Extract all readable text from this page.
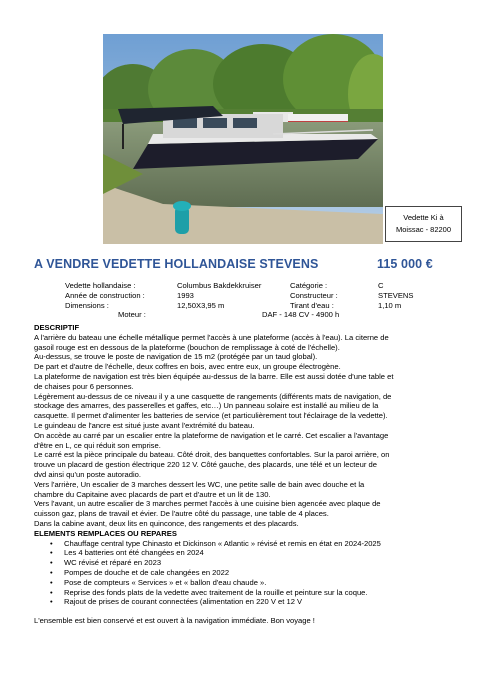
Vedette Ki à
Moissac - 82200
A VENDRE VEDETTE HOLLANDAISE STEVENS	115 000 €
Vedette hollandaise :	Columbus Bakdekkruiser	Catégorie :	C
Année de construction :	1993	Constructeur :	STEVENS
Dimensions :	12,50X3,95 m	Tirant d'eau :	1,10 m
Moteur :	DAF - 148 CV - 4900 h

DESCRIPTIF

A l'arrière du bateau une échelle métallique permet l'accès à une plateforme (accès à l'eau). La citerne de

gasoil rouge est en dessous de la plateforme (bouchon de remplissage à coté de l'échelle).

Au-dessus, se trouve le poste de navigation de 15 m2 (protégée par un taud global).

De part et d'autre de l'échelle, deux coffres en bois, avec entre eux, un groupe électrogène.

La plateforme de navigation est très bien équipée au-dessus de la barre. Elle est aussi dotée d'une table et

de chaises pour 6 personnes.

Légèrement au-dessus de ce niveau il y a une casquette de rangements (différents mats de navigation, de

stockage des amarres, des passerelles et gaffes, etc…) Un panneau solaire est installé au milieu de la

casquette. Il permet d'alimenter les batteries de service (et particulièrement tout l'éclairage de la vedette).

Le guindeau de l'ancre est situé juste avant l'extrémité du bateau.

On accède au carré par un escalier entre la plateforme de navigation et le carré. Cet escalier a l'avantage

d'être en L, ce qui réduit son emprise.

Le carré est la pièce principale du bateau. Côté droit, des banquettes confortables. Sur la paroi arrière, on

trouve un placard de gestion électrique 220 12 V. Côté gauche, des placards, une télé et un lecteur de

dvd ainsi qu'un poste autoradio.

Vers l'arrière, Un escalier de 3 marches dessert les WC, une petite salle de bain avec douche et la

chambre du Capitaine avec placards de part et d'autre et un lit de 130.

Vers l'avant, un autre escalier de 3 marches permet l'accès à une cuisine bien agencée avec plaque de

cuisson gaz, plans de travail et évier. De l'autre côté du passage, une table de 4 places.

Dans la cabine avant, deux lits en quinconce, des rangements et des placards.

ELEMENTS REMPLACES OU REPARES

• Chauffage central type Chinasto et Dickinson « Atlantic » révisé et remis en état en 2024-2025
• Les 4 batteries ont été changées en 2024
• WC révisé et réparé en 2023
• Pompes de douche et de cale changées en 2022
• Pose de compteurs « Services » et « ballon d'eau chaude ».
• Reprise des fonds plats de la vedette avec traitement de la rouille et peinture sur la coque.
• Rajout de prises de courant connectées (alimentation en 220 V et 12 V

L'ensemble est bien conservé et est ouvert à la navigation immédiate. Bon voyage !
